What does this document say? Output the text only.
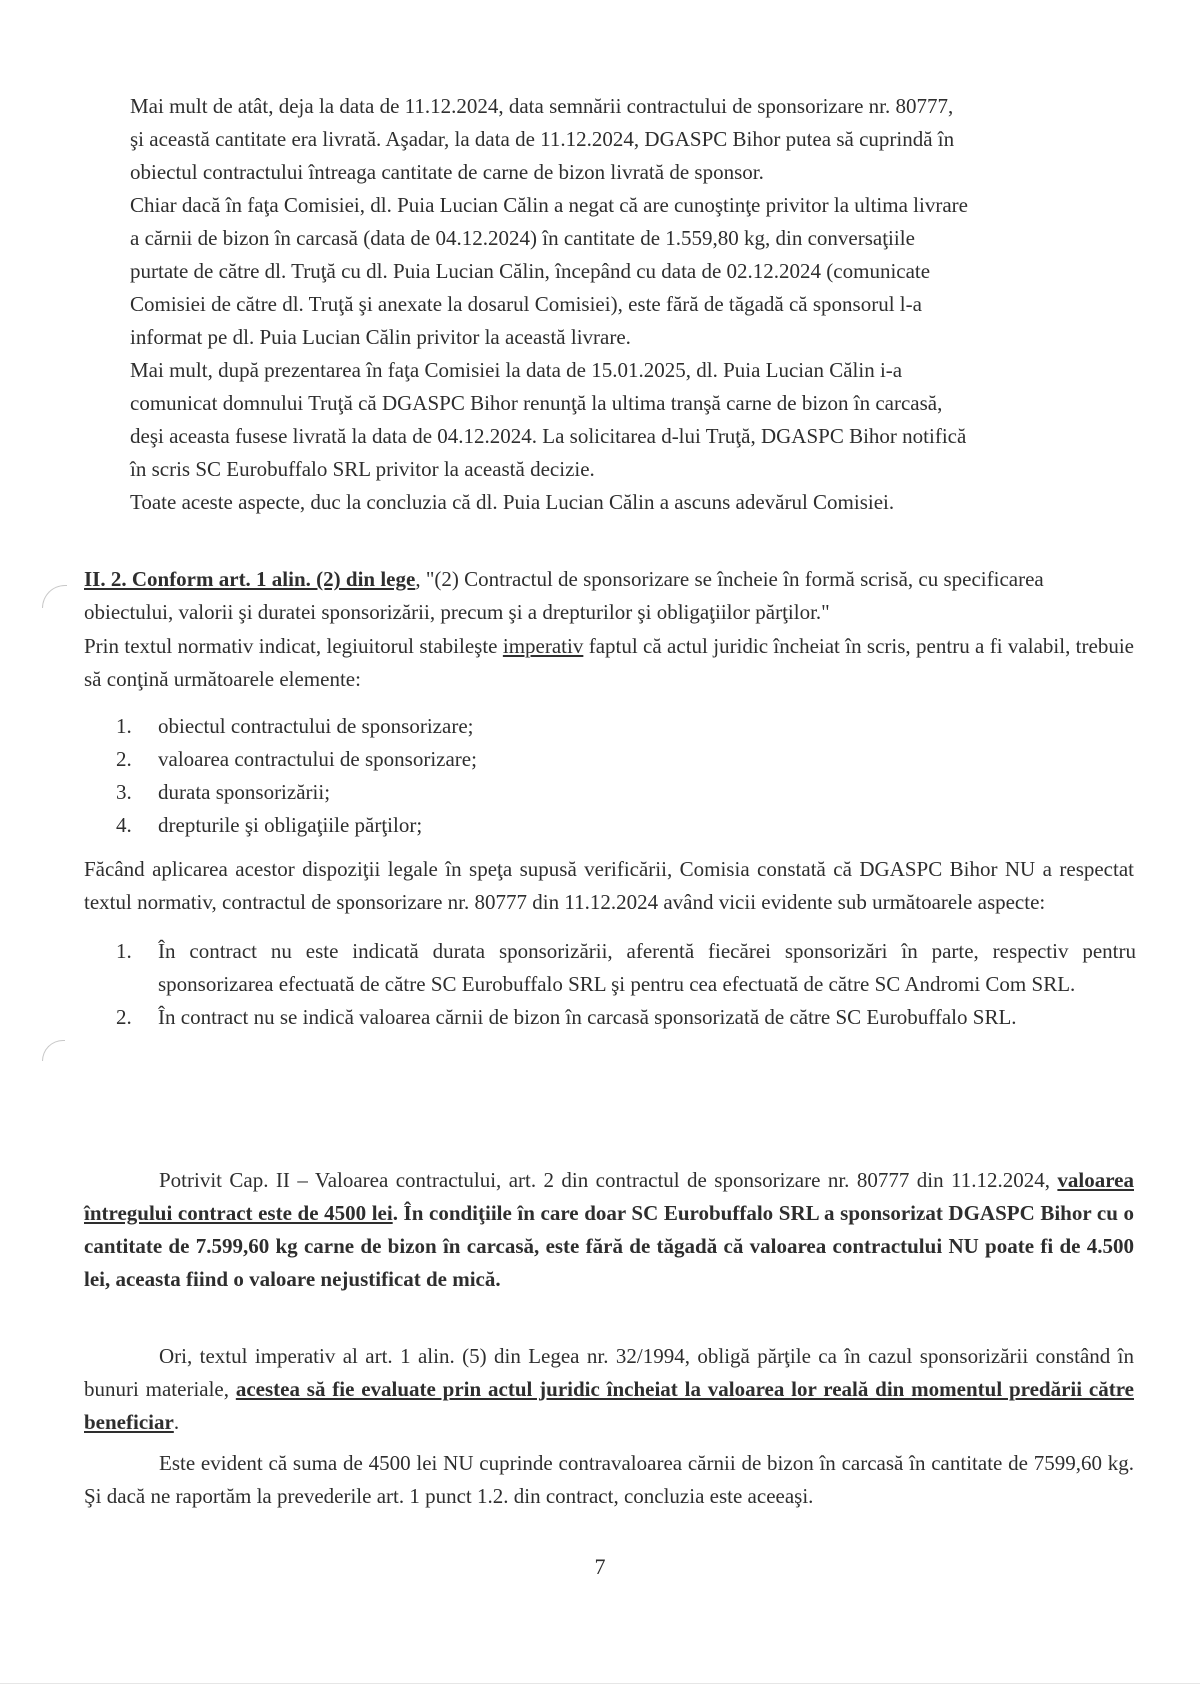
Mai mult de atât, deja la data de 11.12.2024, data semnării contractului de sponsorizare nr. 80777,
şi această cantitate era livrată. Aşadar, la data de 11.12.2024, DGASPC Bihor putea să cuprindă în
obiectul contractului întreaga cantitate de carne de bizon livrată de sponsor.
Chiar dacă în faţa Comisiei, dl. Puia Lucian Călin a negat că are cunoştinţe privitor la ultima livrare
a cărnii de bizon în carcasă (data de 04.12.2024) în cantitate de 1.559,80 kg, din conversaţiile
purtate de către dl. Truţă cu dl. Puia Lucian Călin, începând cu data de 02.12.2024 (comunicate
Comisiei de către dl. Truţă şi anexate la dosarul Comisiei), este fără de tăgadă că sponsorul l-a
informat pe dl. Puia Lucian Călin privitor la această livrare.
Mai mult, după prezentarea în faţa Comisiei la data de 15.01.2025, dl. Puia Lucian Călin i-a
comunicat domnului Truţă că DGASPC Bihor renunţă la ultima tranşă carne de bizon în carcasă,
deşi aceasta fusese livrată la data de 04.12.2024. La solicitarea d-lui Truţă, DGASPC Bihor notifică
în scris SC Eurobuffalo SRL privitor la această decizie.
Toate aceste aspecte, duc la concluzia că dl. Puia Lucian Călin a ascuns adevărul Comisiei.
II. 2. Conform art. 1 alin. (2) din lege, "(2) Contractul de sponsorizare se încheie în formă scrisă, cu specificarea obiectului, valorii şi duratei sponsorizării, precum şi a drepturilor şi obligaţiilor părţilor."
Prin textul normativ indicat, legiuitorul stabileşte imperativ faptul că actul juridic încheiat în scris, pentru a fi valabil, trebuie să conţină următoarele elemente:
1. obiectul contractului de sponsorizare;
2. valoarea contractului de sponsorizare;
3. durata sponsorizării;
4. drepturile şi obligaţiile părţilor;
Făcând aplicarea acestor dispoziţii legale în speţa supusă verificării, Comisia constată că DGASPC Bihor NU a respectat textul normativ, contractul de sponsorizare nr. 80777 din 11.12.2024 având vicii evidente sub următoarele aspecte:
1. În contract nu este indicată durata sponsorizării, aferentă fiecărei sponsorizări în parte, respectiv pentru sponsorizarea efectuată de către SC Eurobuffalo SRL şi pentru cea efectuată de către SC Andromi Com SRL.
2. În contract nu se indică valoarea cărnii de bizon în carcasă sponsorizată de către SC Eurobuffalo SRL.
Potrivit Cap. II – Valoarea contractului, art. 2 din contractul de sponsorizare nr. 80777 din 11.12.2024, valoarea întregului contract este de 4500 lei. În condiţiile în care doar SC Eurobuffalo SRL a sponsorizat DGASPC Bihor cu o cantitate de 7.599,60 kg carne de bizon în carcasă, este fără de tăgadă că valoarea contractului NU poate fi de 4.500 lei, aceasta fiind o valoare nejustificat de mică.
Ori, textul imperativ al art. 1 alin. (5) din Legea nr. 32/1994, obligă părţile ca în cazul sponsorizării constând în bunuri materiale, acestea să fie evaluate prin actul juridic încheiat la valoarea lor reală din momentul predării către beneficiar.
Este evident că suma de 4500 lei NU cuprinde contravaloarea cărnii de bizon în carcasă în cantitate de 7599,60 kg. Şi dacă ne raportăm la prevederile art. 1 punct 1.2. din contract, concluzia este aceeaşi.
7
